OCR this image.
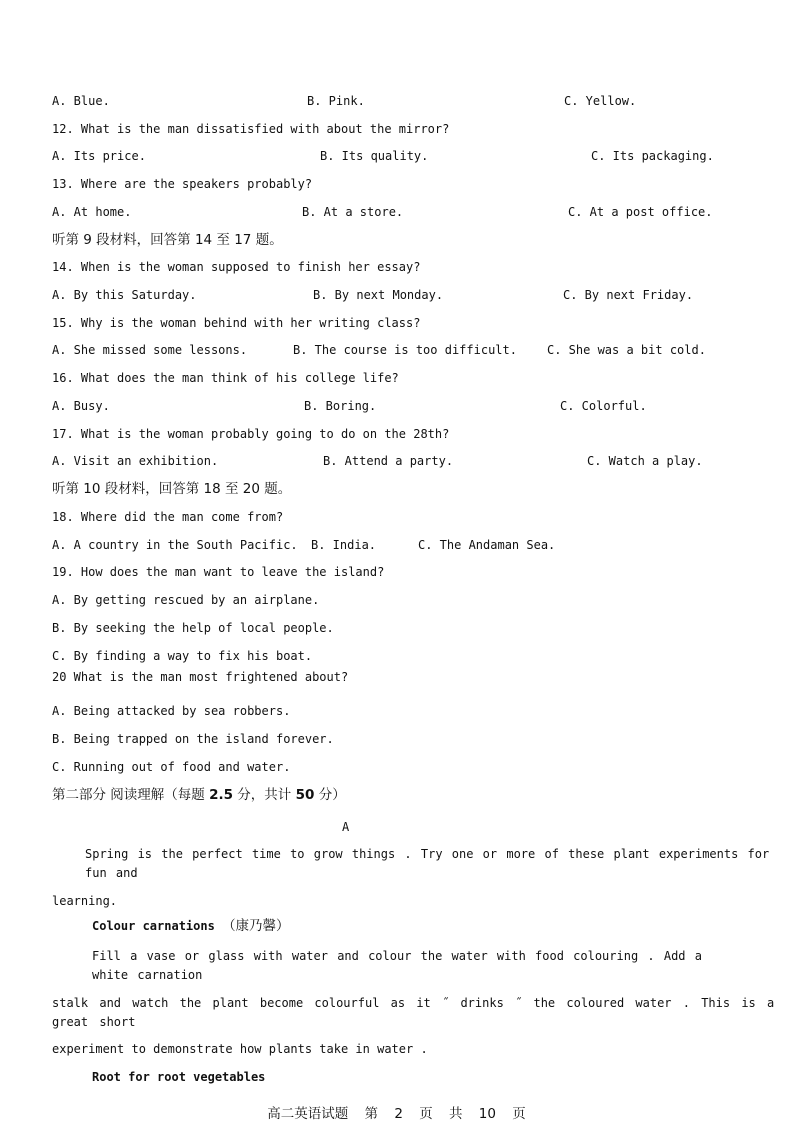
A. Blue.	B. Pink.	C. Yellow.
12. What is the man dissatisfied with about the mirror?
A. Its price.	B. Its quality.	C. Its packaging.
13. Where are the speakers probably?
A. At home.	B. At a store.	C. At a post office.
听第 9 段材料，回答第 14 至 17 题。
14. When is the woman supposed to finish her essay?
A. By this Saturday.	B. By next Monday.	C. By next Friday.
15. Why is the woman behind with her writing class?
A. She missed some lessons.	B. The course is too difficult.	C. She was a bit cold.
16. What does the man think of his college life?
A. Busy.	B. Boring.	C. Colorful.
17. What is the woman probably going to do on the 28th?
A. Visit an exhibition.	B. Attend a party.	C. Watch a play.
听第 10 段材料，回答第 18 至 20 题。
18. Where did the man come from?
A. A country in the South Pacific. B. India.	C. The Andaman Sea.
19. How does the man want to leave the island?
A. By getting rescued by an airplane.
B. By seeking the help of local people.
C. By finding a way to fix his boat.
20 What is the man most frightened about?
A. Being attacked by sea robbers.
B. Being trapped on the island forever.
C. Running out of food and water.
第二部分 阅读理解（每题 2.5 分，共计 50 分）
A
Spring is the perfect time to grow things . Try one or more of these plant experiments for fun and
learning.
Colour carnations （康乃馨）
Fill a vase or glass with water and colour the water with food colouring . Add a white carnation
stalk and watch the plant become colourful as it ˝ drinks ˝ the coloured water . This is a great short
experiment to demonstrate how plants take in water .
Root for root vegetables
高二英语试题 第 2 页 共 10 页
